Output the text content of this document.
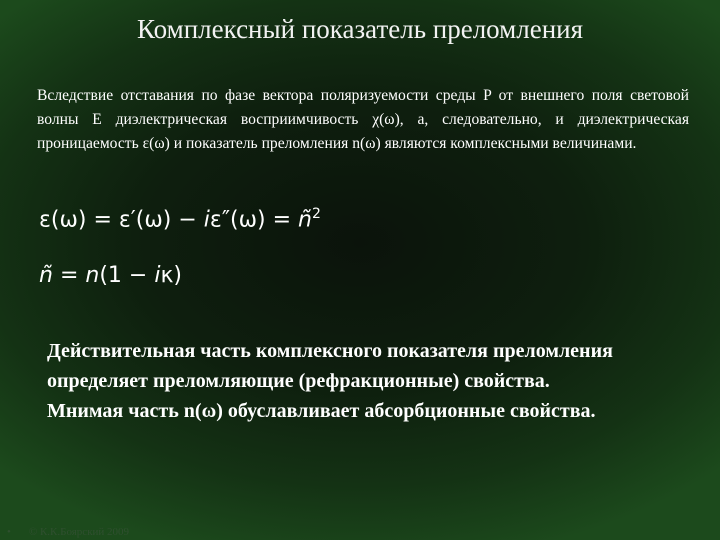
Комплексный показатель преломления
Вследствие отставания по фазе вектора поляризуемости среды P от внешнего поля световой волны E диэлектрическая восприимчивость χ(ω), а, следовательно, и диэлектрическая проницаемость ε(ω) и показатель преломления n(ω) являются комплексными величинами.
$\varepsilon(\omega) = \varepsilon'(\omega) - i\varepsilon''(\omega) = ñ^2$
ñ = n(1 − iκ)
Действительная часть комплексного показателя преломления определяет преломляющие (рефракционные) свойства. Мнимая часть n(ω) обуславливает абсорбционные свойства.
• © К.К.Боярский 2009
